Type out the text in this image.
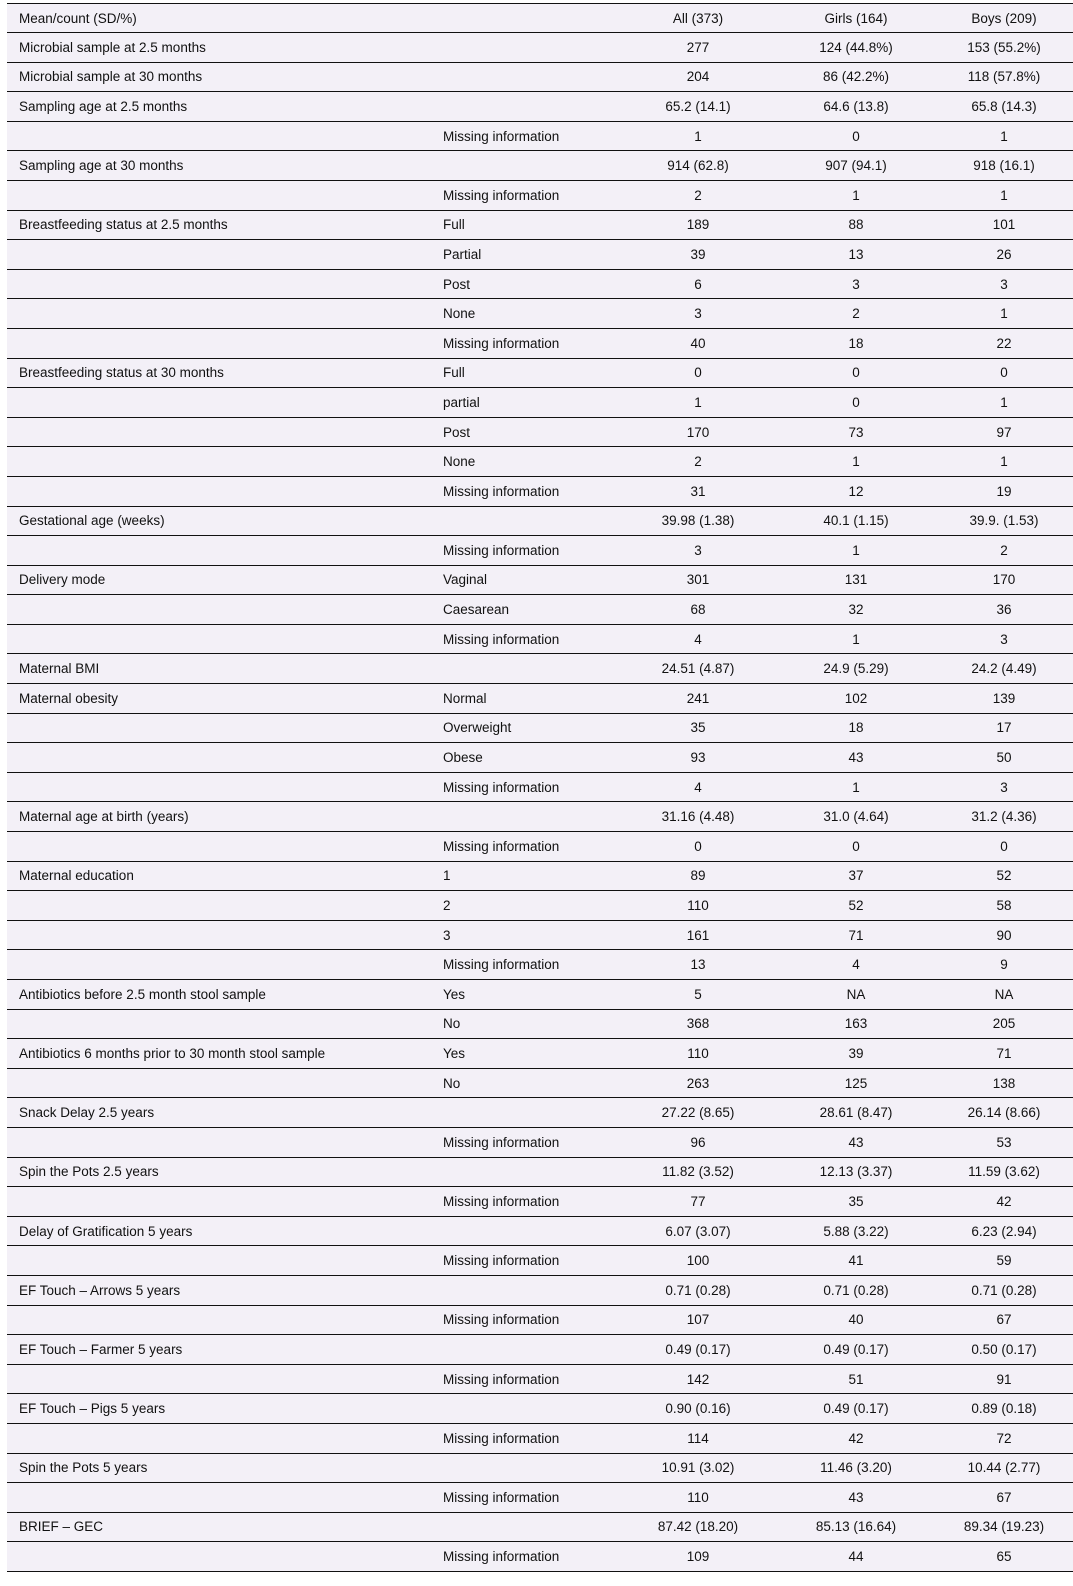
Mean/count (SD/%)		All (373)	Girls (164)	Boys (209)
Microbial sample at 2.5 months		277	124 (44.8%)	153 (55.2%)
Microbial sample at 30 months		204	86 (42.2%)	118 (57.8%)
Sampling age at 2.5 months		65.2 (14.1)	64.6 (13.8)	65.8 (14.3)
	Missing information	1	0	1
Sampling age at 30 months		914 (62.8)	907 (94.1)	918 (16.1)
	Missing information	2	1	1
Breastfeeding status at 2.5 months	Full	189	88	101
	Partial	39	13	26
	Post	6	3	3
	None	3	2	1
	Missing information	40	18	22
Breastfeeding status at 30 months	Full	0	0	0
	partial	1	0	1
	Post	170	73	97
	None	2	1	1
	Missing information	31	12	19
Gestational age (weeks)		39.98 (1.38)	40.1 (1.15)	39.9. (1.53)
	Missing information	3	1	2
Delivery mode	Vaginal	301	131	170
	Caesarean	68	32	36
	Missing information	4	1	3
Maternal BMI		24.51 (4.87)	24.9 (5.29)	24.2 (4.49)
Maternal obesity	Normal	241	102	139
	Overweight	35	18	17
	Obese	93	43	50
	Missing information	4	1	3
Maternal age at birth (years)		31.16 (4.48)	31.0 (4.64)	31.2 (4.36)
	Missing information	0	0	0
Maternal education	1	89	37	52
	2	110	52	58
	3	161	71	90
	Missing information	13	4	9
Antibiotics before 2.5 month stool sample	Yes	5	NA	NA
	No	368	163	205
Antibiotics 6 months prior to 30 month stool sample	Yes	110	39	71
	No	263	125	138
Snack Delay 2.5 years		27.22 (8.65)	28.61 (8.47)	26.14 (8.66)
	Missing information	96	43	53
Spin the Pots 2.5 years		11.82 (3.52)	12.13 (3.37)	11.59 (3.62)
	Missing information	77	35	42
Delay of Gratification 5 years		6.07 (3.07)	5.88 (3.22)	6.23 (2.94)
	Missing information	100	41	59
EF Touch – Arrows 5 years		0.71 (0.28)	0.71 (0.28)	0.71 (0.28)
	Missing information	107	40	67
EF Touch – Farmer 5 years		0.49 (0.17)	0.49 (0.17)	0.50 (0.17)
	Missing information	142	51	91
EF Touch – Pigs 5 years		0.90 (0.16)	0.49 (0.17)	0.89 (0.18)
	Missing information	114	42	72
Spin the Pots 5 years		10.91 (3.02)	11.46 (3.20)	10.44 (2.77)
	Missing information	110	43	67
BRIEF – GEC		87.42 (18.20)	85.13 (16.64)	89.34 (19.23)
	Missing information	109	44	65
